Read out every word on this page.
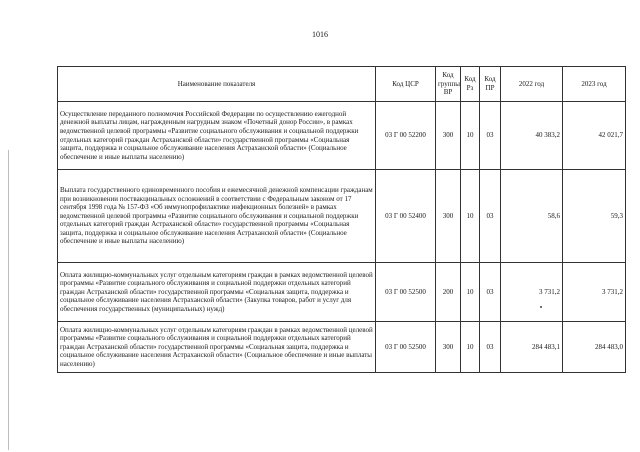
1016
Наименование показателя	Код ЦСР	Код группы ВР	Код Рз	Код ПР	2022 год	2023 год
Осуществление переданного полномочия Российской Федерации по осуществлению ежегодной денежной выплаты лицам, награжденным нагрудным знаком «Почетный донор России», в рамках ведомственной целевой программы «Развитие социального обслуживания и социальной поддержки отдельных категорий граждан Астраханской области» государственной программы «Социальная защита, поддержка и социальное обслуживание населения Астраханской области» (Социальное обеспечение и иные выплаты населению)	03 Г 00 52200	300	10	03	40 383,2	42 021,7
Выплата государственного единовременного пособия и ежемесячной денежной компенсации гражданам при возникновении поствакцинальных осложнений в соответствии с Федеральным законом от 17 сентября 1998 года № 157-ФЗ «Об иммунопрофилактике инфекционных болезней» в рамках ведомственной целевой программы «Развитие социального обслуживания и социальной поддержки отдельных категорий граждан Астраханской области» государственной программы «Социальная защита, поддержка и социальное обслуживание населения Астраханской области» (Социальное обеспечение и иные выплаты населению)	03 Г 00 52400	300	10	03	58,6	59,3
Оплата жилищно-коммунальных услуг отдельным категориям граждан в рамках ведомственной целевой программы «Развитие социального обслуживания и социальной поддержки отдельных категорий граждан Астраханской области» государственной программы «Социальная защита, поддержка и социальное обслуживание населения Астраханской области» (Закупка товаров, работ и услуг для обеспечения государственных (муниципальных) нужд)	03 Г 00 52500	200	10	03	3 731,2	3 731,2
Оплата жилищно-коммунальных услуг отдельным категориям граждан в рамках ведомственной целевой программы «Развитие социального обслуживания и социальной поддержки отдельных категорий граждан Астраханской области» государственной программы «Социальная защита, поддержка и социальное обслуживание населения Астраханской области» (Социальное обеспечение и иные выплаты населению)	03 Г 00 52500	300	10	03	284 483,1	284 483,0
